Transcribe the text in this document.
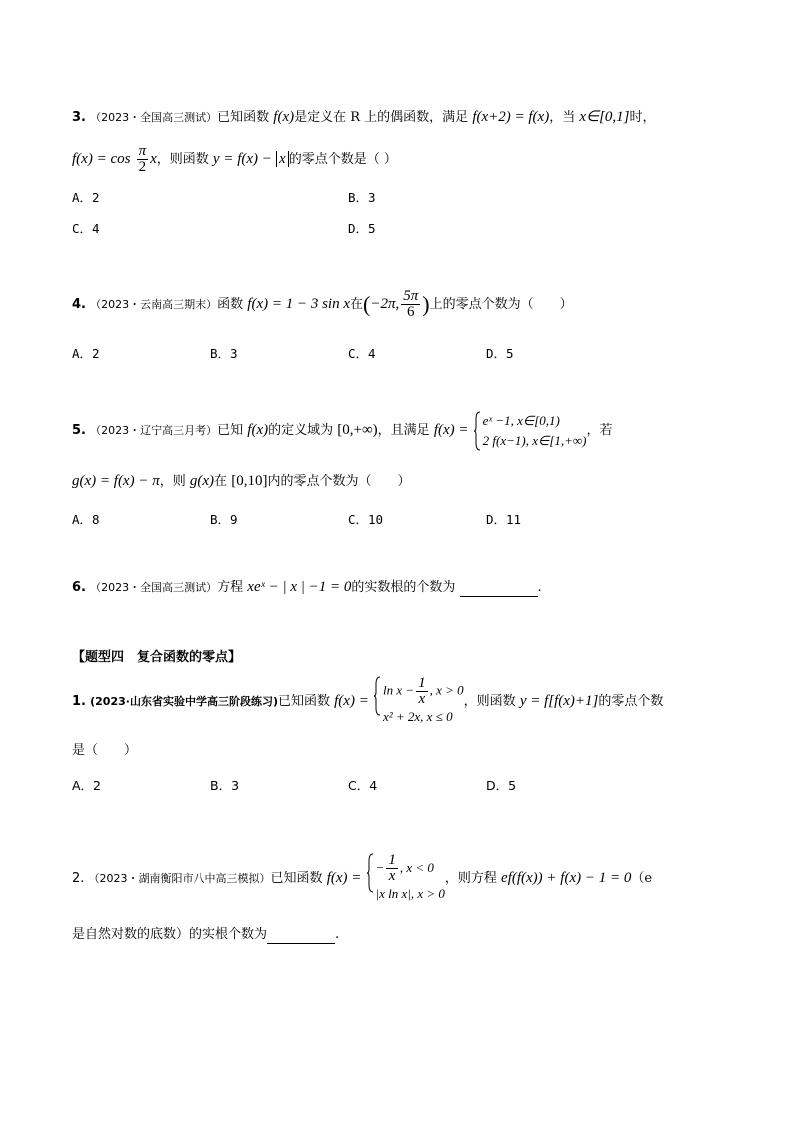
3. （2023・全国高三测试）已知函数 f(x)是定义在 R 上的偶函数，满足 f(x+2) = f(x)，当 x∈[0,1]时，
$f(x) = \cos \frac{\pi}{2}$ x，则函数 y = f(x) − x 的零点个数是（ ）
A．2	B．3
C．4	D．5
4. （2023・云南高三期末）函数 f(x) = 1 − 3 sin x在(−2π, $\frac{5\pi}{6}$ )上的零点个数为（　　）
A．2	B．3	C．4	D．5
5. （2023・辽宁高三月考）已知 f(x)的定义域为 [0,+∞)，且满足 f(x) =
eˣ −1, x∈[0,1)
2 f(x−1), x∈[1,+∞)
，若
g(x) = f(x) − π，则 g(x)在 [0,10]内的零点个数为（　　）
A．8	B．9	C．10	D．11
6. （2023・全国高三测试）方程 xeˣ − | x | −1 = 0的实数根的个数为	.
【题型四　复合函数的零点】
1. (2023·山东省实验中学高三阶段练习)已知函数 f(x) =
$\ln x - \frac{1}{x}$ , x > 0
x² + 2x, x ≤ 0
，则函数 y = f[f(x)+1]的零点个数
是（　　）
A．2	B．3	C．4	D．5
2. （2023・湖南衡阳市八中高三模拟）已知函数 f(x) =
− $\frac{1}{x}$ , x < 0
|x ln x|, x > 0
，则方程 ef(f(x)) + f(x) − 1 = 0（e
是自然对数的底数）的实根个数为	.
